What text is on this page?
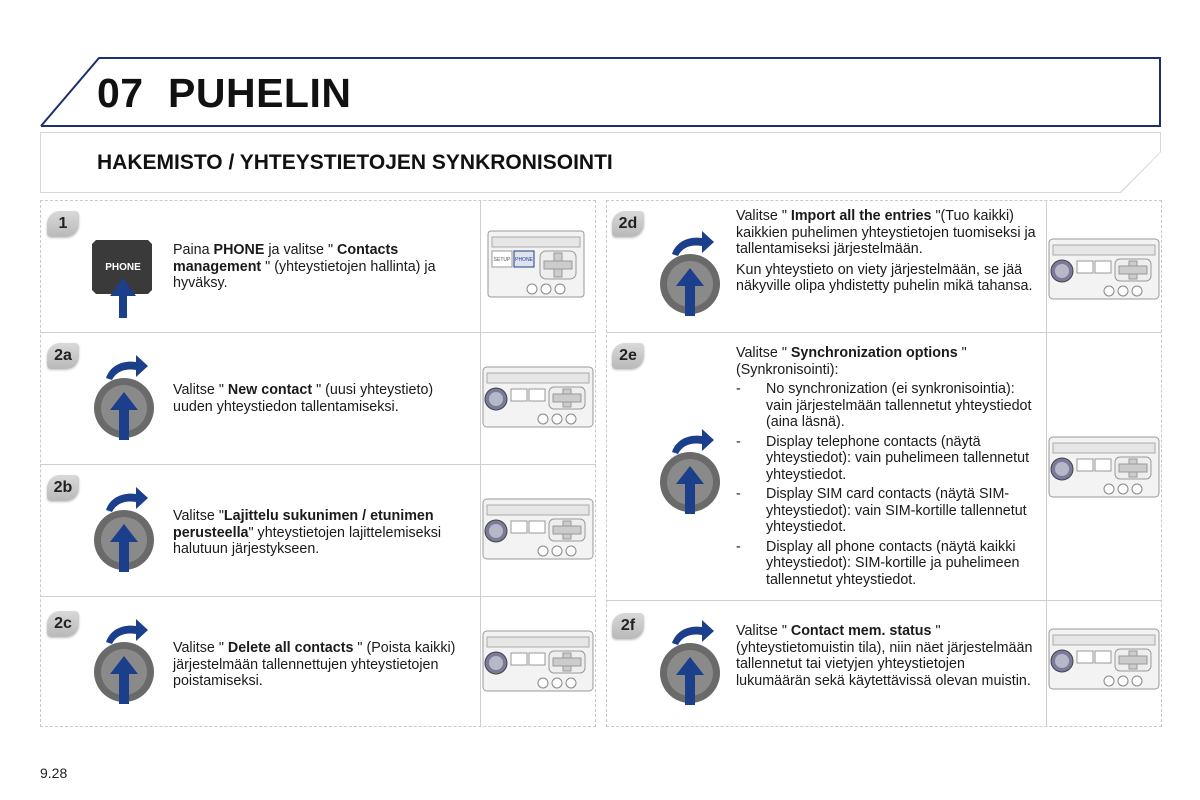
07 PUHELIN
HAKEMISTO / YHTEYSTIETOJEN SYNKRONISOINTI
1
PHONE

Paina PHONE ja valitse " Contacts management " (yhteystietojen hallinta) ja hyväksy.

SETUP PHONE
2a

Valitse " New contact " (uusi yhteystieto) uuden yhteystiedon tallentamiseksi.

2b

Valitse "Lajittelu sukunimen / etunimen perusteella" yhteystietojen lajittelemiseksi halutuun järjestykseen.

2c

Valitse " Delete all contacts " (Poista kaikki) järjestelmään tallennettujen yhteystietojen poistamiseksi.

2d	Valitse " Import all the entries "(Tuo kaikki) kaikkien puhelimen yhteystietojen tuomiseksi ja tallentamiseksi järjestelmään.

Kun yhteystieto on viety järjestelmään, se jää näkyville olipa yhdistetty puhelin mikä tahansa.

2e	Valitse " Synchronization options " (Synkronisointi):

- No synchronization (ei synkronisointia): vain järjestelmään tallennetut yhteystiedot (aina läsnä).
- Display telephone contacts (näytä yhteystiedot): vain puhelimeen tallennetut yhteystiedot.
- Display SIM card contacts (näytä SIM-yhteystiedot): vain SIM-kortille tallennetut yhteystiedot.
- Display all phone contacts (näytä kaikki yhteystiedot): SIM-kortille ja puhelimeen tallennetut yhteystiedot.
2f	Valitse " Contact mem. status " (yhteystietomuistin tila), niin näet järjestelmään tallennetut tai vietyjen yhteystietojen lukumäärän sekä käytettävissä olevan muistin.

9.28
